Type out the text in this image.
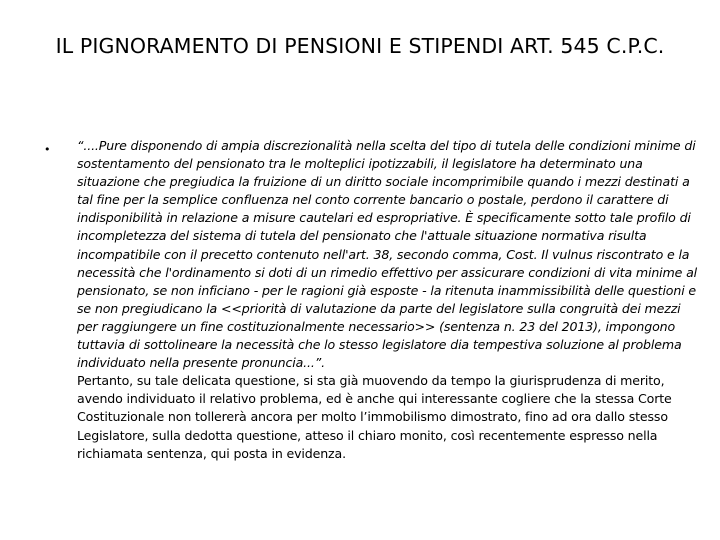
IL PIGNORAMENTO DI PENSIONI E STIPENDI ART. 545 C.P.C.
• “....Pure disponendo di ampia discrezionalità nella scelta del tipo di tutela delle condizioni minime di sostentamento del pensionato tra le molteplici ipotizzabili, il legislatore ha determinato una situazione che pregiudica la fruizione di un diritto sociale incomprimibile quando i mezzi destinati a tal fine per la semplice confluenza nel conto corrente bancario o postale, perdono il carattere di indisponibilità in relazione a misure cautelari ed espropriative. È specificamente sotto tale profilo di incompletezza del sistema di tutela del pensionato che l'attuale situazione normativa risulta incompatibile con il precetto contenuto nell'art. 38, secondo comma, Cost. Il vulnus riscontrato e la necessità che l'ordinamento si doti di un rimedio effettivo per assicurare condizioni di vita minime al pensionato, se non inficiano - per le ragioni già esposte - la ritenuta inammissibilità delle questioni e se non pregiudicano la <<priorità di valutazione da parte del legislatore sulla congruità dei mezzi per raggiungere un fine costituzionalmente necessario>> (sentenza n. 23 del 2013), impongono tuttavia di sottolineare la necessità che lo stesso legislatore dia tempestiva soluzione al problema individuato nella presente pronuncia...”.
Pertanto, su tale delicata questione, si sta già muovendo da tempo la giurisprudenza di merito, avendo individuato il relativo problema, ed è anche qui interessante cogliere che la stessa Corte Costituzionale non tollererà ancora per molto l’immobilismo dimostrato, fino ad ora dallo stesso Legislatore, sulla dedotta questione, atteso il chiaro monito, così recentemente espresso nella richiamata sentenza, qui posta in evidenza.
